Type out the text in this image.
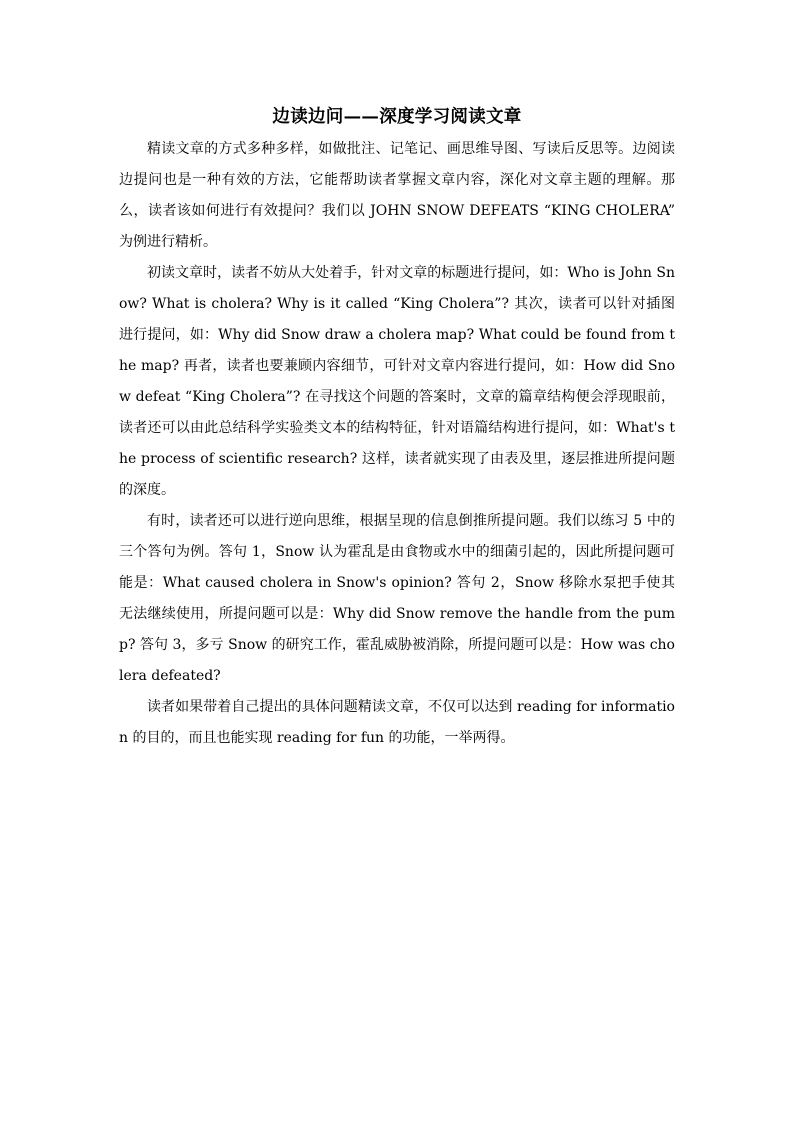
边读边问——深度学习阅读文章

精读文章的方式多种多样，如做批注、记笔记、画思维导图、写读后反思等。边阅读边提问也是一种有效的方法，它能帮助读者掌握文章内容，深化对文章主题的理解。那么，读者该如何进行有效提问？我们以 JOHN SNOW DEFEATS “KING CHOLERA” 为例进行精析。

初读文章时，读者不妨从大处着手，针对文章的标题进行提问，如：Who is John Snow? What is cholera? Why is it called “King Cholera”? 其次，读者可以针对插图进行提问，如：Why did Snow draw a cholera map? What could be found from the map? 再者，读者也要兼顾内容细节，可针对文章内容进行提问，如：How did Snow defeat “King Cholera”? 在寻找这个问题的答案时，文章的篇章结构便会浮现眼前，读者还可以由此总结科学实验类文本的结构特征，针对语篇结构进行提问，如：What's the process of scientific research? 这样，读者就实现了由表及里，逐层推进所提问题的深度。

有时，读者还可以进行逆向思维，根据呈现的信息倒推所提问题。我们以练习 5 中的三个答句为例。答句 1，Snow 认为霍乱是由食物或水中的细菌引起的，因此所提问题可能是：What caused cholera in Snow's opinion? 答句 2，Snow 移除水泵把手使其无法继续使用，所提问题可以是：Why did Snow remove the handle from the pump? 答句 3，多亏 Snow 的研究工作，霍乱威胁被消除，所提问题可以是：How was cholera defeated?

读者如果带着自己提出的具体问题精读文章，不仅可以达到 reading for information 的目的，而且也能实现 reading for fun 的功能，一举两得。
